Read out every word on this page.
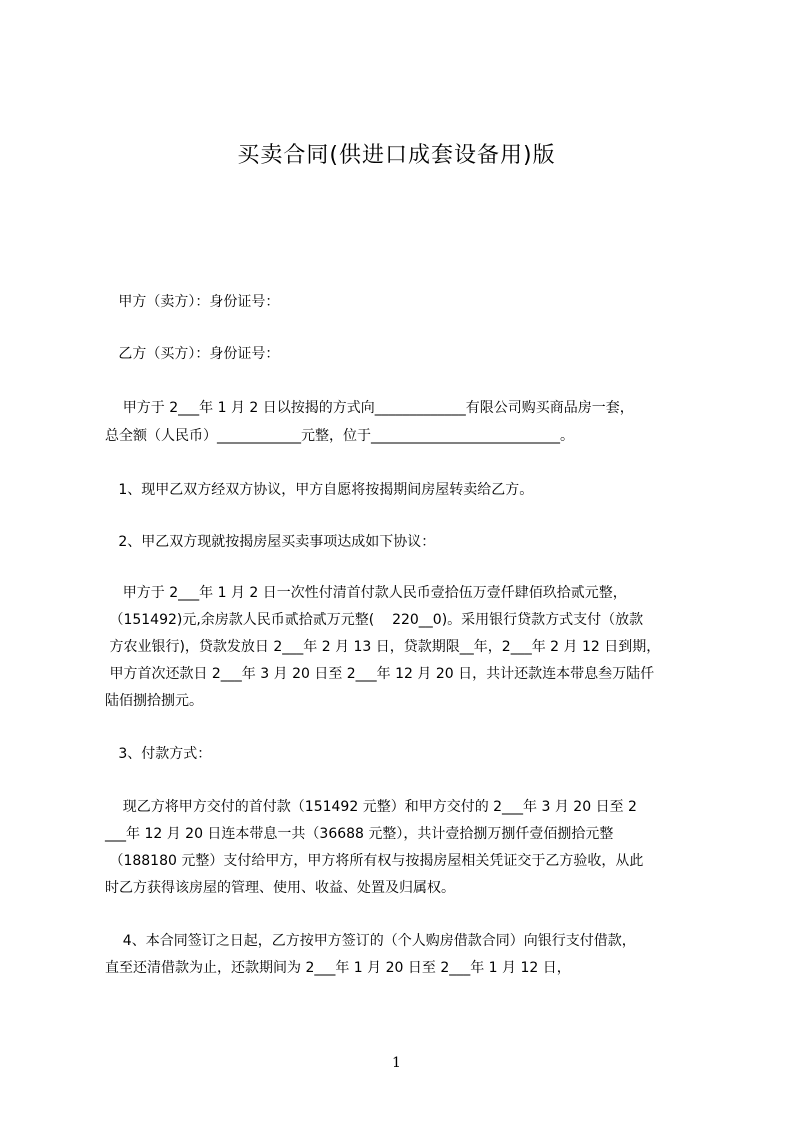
买卖合同(供进口成套设备用)版
甲方（卖方）：身份证号：
乙方（买方）：身份证号：
甲方于 2___年 1 月 2 日以按揭的方式向_____________有限公司购买商品房一套，
总全额（人民币）____________元整，位于___________________________。
1、现甲乙双方经双方协议，甲方自愿将按揭期间房屋转卖给乙方。
2、甲乙双方现就按揭房屋买卖事项达成如下协议：
甲方于 2___年 1 月 2 日一次性付清首付款人民币壹拾伍万壹仟肆佰玖拾贰元整，
（151492)元,余房款人民币贰拾贰万元整(    220__0)。采用银行贷款方式支付（放款
方农业银行)，贷款发放日 2___年 2 月 13 日，贷款期限__年，2___年 2 月 12 日到期，
甲方首次还款日 2___年 3 月 20 日至 2___年 12 月 20 日，共计还款连本带息叁万陆仟
陆佰捌拾捌元。
3、付款方式：
现乙方将甲方交付的首付款（151492 元整）和甲方交付的 2___年 3 月 20 日至 2
___年 12 月 20 日连本带息一共（36688 元整），共计壹拾捌万捌仟壹佰捌拾元整
（188180 元整）支付给甲方，甲方将所有权与按揭房屋相关凭证交于乙方验收，从此
时乙方获得该房屋的管理、使用、收益、处置及归属权。
4、本合同签订之日起，乙方按甲方签订的（个人购房借款合同）向银行支付借款，
直至还清借款为止，还款期间为 2___年 1 月 20 日至 2___年 1 月 12 日，
1
